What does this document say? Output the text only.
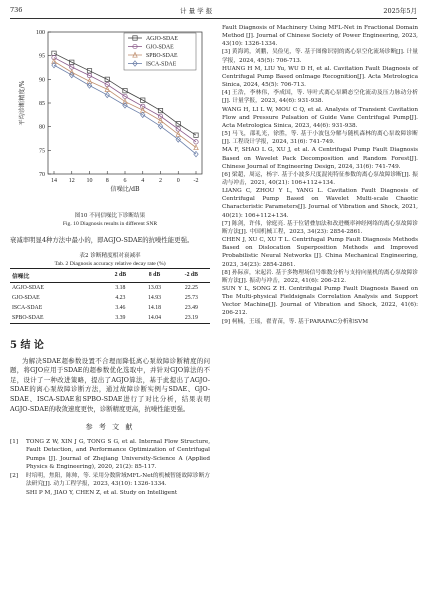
736	计 量 学 报	2025年5月
70
75
80
85
90
95
100
14 12 10 8 6 4 2 0 -2
信噪比/dB
平均诊断精度/%
AGJO-SDAE
GJO-SDAE
SPBO-SDAE
ISCA-SDAE
图10 不同信噪比下诊断结果
Fig. 10 Diagnosis results in different SNR

衰减率明显4种方法中最小的，即AGJO-SDAE的抗噪性能更强。

表2 诊断精度相对衰减率
Tab. 2 Diagnosis accuracy relative decay rate (%)
信噪比	2 dB	8 dB	-2 dB
AGJO-SDAE	3.18	13.03	22.25
GJO-SDAE	4.23	14.93	25.73
ISCA-SDAE	3.46	14.18	23.49
SPBO-SDAE	3.39	14.04	23.19
5 结 论

为解决SDAE超参数设置不合理而降低离心泵故障诊断精度的问题，将GJO应用于SDAE的超参数优化选取中，并针对GJO算法的不足，设计了一种改进策略，提出了AGJO算法，基于此提出了AGJO-SDAE的离心泵故障诊断方法，通过故障诊断实例与SDAE、GJO-SDAE、ISCA-SDAE和SPBO-SDAE进行了对比分析，结果表明AGJO-SDAE的收敛速度更快，诊断精度更高，抗噪性能更强。

参 考 文 献
[1] TONG Z W, XIN J G, TONG S G, et al. Internal Flow Structure, Fault Detection, and Performance Optimization of Centrifugal Pumps [J]. Journal of Zhejiang University-Science A (Applied Physics & Engineering), 2020, 21(2): 85-117.
[2] 时培明，焦阳，陈帅，等. 采用分数阶域MFL-Net的机械智能故障诊断方法研究[J]. 动力工程学报，2023, 43(10): 1326-1334.
SHI P M, JIAO Y, CHEN Z, et al. Study on Intelligent

Fault Diagnosis of Machinery Using MFL-Net in Fractional Domain Method [J]. Journal of Chinese Society of Power Engineering, 2023, 43(10): 1326-1334.

[3] 黄海鸿，刘鹏，吴俭见，等. 基于图像识别的离心泵空化流场诊断[J]. 计量学报，2024, 45(5): 706-713.

HUANG H M, LIU Yu, WU D H, et al. Cavitation Fault Diagnosis of Centrifugal Pump Based onImage Recognition[J]. Acta Metrologica Sinica, 2024, 45(5): 706-713.

[4] 王浩，李林伟，李成国，等. 导叶式离心泵瞬态空化流动及压力脉动分析[J]. 计量学报，2023, 44(6): 931-938.

WANG H, LI L W, MOU C Q, et al. Analysis of Transient Cavitation Flow and Pressure Pulsation of Guide Vane Centrifugal Pump[J]. Acta Metrologica Sinica, 2023, 44(6): 931-938.

[5] 马飞，邵礼光，徐胜，等. 基于小波包分解与随机森林的离心泵故障诊断[J]. 工程设计学报，2024, 31(6): 741-749.

MA F, SHAO L G, XU J, et al. A Centrifugal Pump Fault Diagnosis Based on Wavelet Pack Decomposition and Random Forest[J]. Chinese Journal of Engineering Design, 2024, 31(6): 741-749.

[6] 梁超，周运，杨宇. 基于小波多尺度混沌特征参数的离心泵故障诊断[J]. 振动与冲击，2021, 40(21): 106+112+134.

LIANG C, ZHOU Y L, YANG L. Cavitation Fault Diagnosis of Centrifugal Pump Based on Wavelet Multi-scale Chaotic Characteristic Parameters[J]. Journal of Vibration and Shock, 2021, 40(21): 106+112+134.

[7] 陈剑，许伟，徐庭亮. 基于位错叠加法和改进概率神经网络的离心泵故障诊断方法[J]. 中国机械工程，2023, 34(23): 2854-2861.

CHEN J, XU C, XU T L. Centrifugal Pump Fault Diagnosis Methods Based on Dislocation Superposition Methods and Improved Probabilistic Neural Networks [J]. China Mechanical Engineering, 2023, 34(23): 2854-2861.

[8] 孙际彦，宋起岩. 基于多物理场信号维数分析与支持向量机的离心泵故障诊断方法[J]. 振动与冲击，2022, 41(6): 206-212.

SUN Y L, SONG Z H. Centrifugal Pump Fault Diagnosis Based on The Multi-physical Fieldsignals Correlation Analysis and Support Vector Machine[J]. Journal of Vibration and Shock, 2022, 41(6): 206-212.

[9] 柯楠，王瑶，翟青苗，等. 基于PARAFAC分析和SVM
